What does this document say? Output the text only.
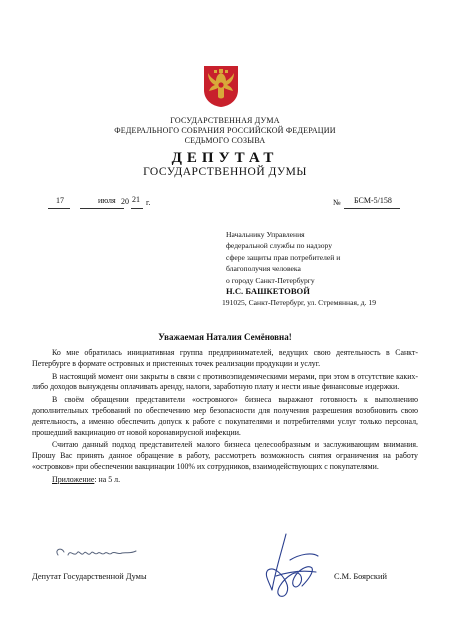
ГОСУДАРСТВЕННАЯ ДУМА
ФЕДЕРАЛЬНОГО СОБРАНИЯ РОССИЙСКОЙ ФЕДЕРАЦИИ
СЕДЬМОГО СОЗЫВА
ДЕПУТАТ
ГОСУДАРСТВЕННОЙ ДУМЫ
17	июля 20 21 г.	№ БСМ-5/158
Начальнику Управления
федеральной службы по надзору
сфере защиты прав потребителей и
благополучия человека
о городу Санкт-Петербургу
Н.С. БАШКЕТОВОЙ
191025, Санкт-Петербург, ул. Стремянная, д. 19
Уважаемая Наталия Семёновна!

Ко мне обратилась инициативная группа предпринимателей, ведущих свою деятельность в Санкт-Петербурге в формате островных и пристенных точек реализации продукции и услуг.

В настоящий момент они закрыты в связи с противоэпидемическими мерами, при этом в отсутствие каких-либо доходов вынуждены оплачивать аренду, налоги, заработную плату и нести иные финансовые издержки.

В своём обращении представители «островного» бизнеса выражают готовность к выполнению дополнительных требований по обеспечению мер безопасности для получения разрешения возобновить свою деятельность, а именно обеспечить допуск к работе с покупателями и потребителями услуг только персонал, прошедший вакцинацию от новой коронавирусной инфекции.

Считаю данный подход представителей малого бизнеса целесообразным и заслуживающим внимания. Прошу Вас принять данное обращение в работу, рассмотреть возможность снятия ограничения на работу «островков» при обеспечении вакцинации 100% их сотрудников, взаимодействующих с покупателями.

Приложение: на 5 л.

Депутат Государственной Думы	С.М. Боярский
